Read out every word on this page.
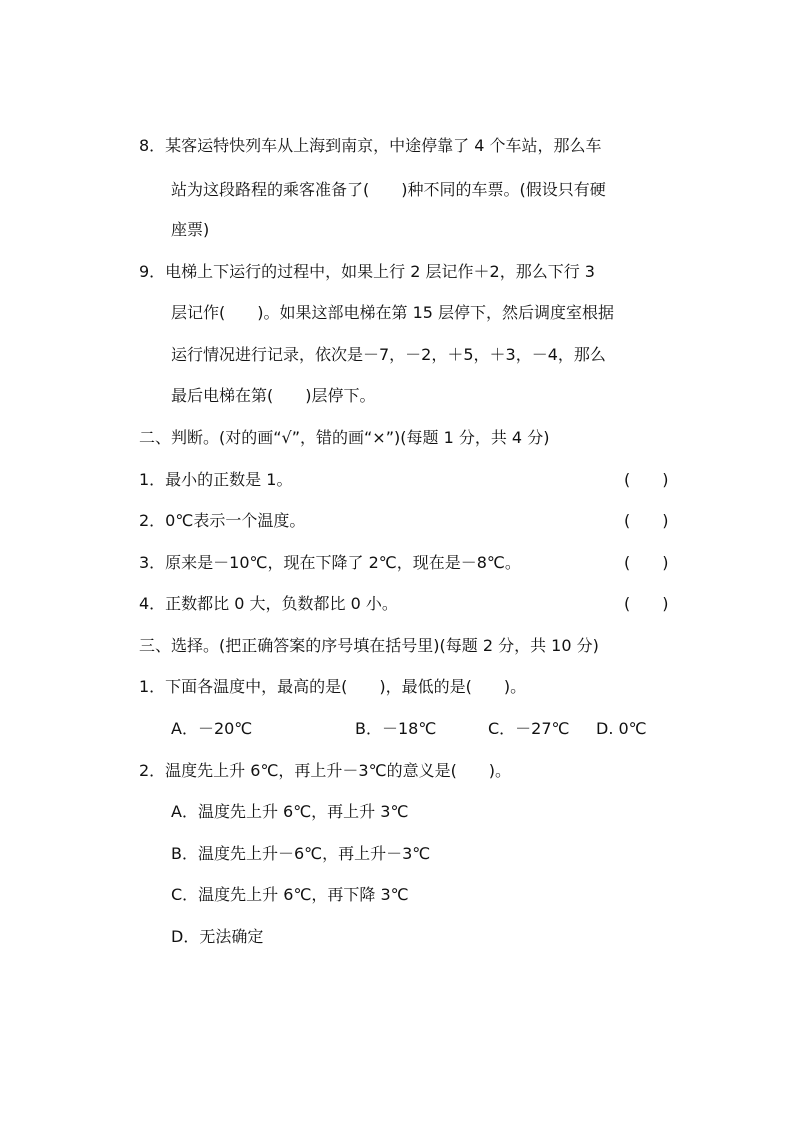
8．某客运特快列车从上海到南京，中途停靠了 4 个车站，那么车
站为这段路程的乘客准备了(　　)种不同的车票。(假设只有硬
座票)
9．电梯上下运行的过程中，如果上行 2 层记作＋2，那么下行 3
层记作(　　)。如果这部电梯在第 15 层停下，然后调度室根据
运行情况进行记录，依次是－7，－2，＋5，＋3，－4，那么
最后电梯在第(　　)层停下。
二、判断。(对的画“√”，错的画“×”)(每题 1 分，共 4 分)
1．最小的正数是 1。	(　　)
2．0℃表示一个温度。	(　　)
3．原来是－10℃，现在下降了 2℃，现在是－8℃。	(　　)
4．正数都比 0 大，负数都比 0 小。	(　　)
三、选择。(把正确答案的序号填在括号里)(每题 2 分，共 10 分)
1．下面各温度中，最高的是(　　)，最低的是(　　)。
A．－20℃	B．－18℃	C．－27℃ D. 0℃
2．温度先上升 6℃，再上升－3℃的意义是(　　)。
A．温度先上升 6℃，再上升 3℃
B．温度先上升－6℃，再上升－3℃
C．温度先上升 6℃，再下降 3℃
D．无法确定
